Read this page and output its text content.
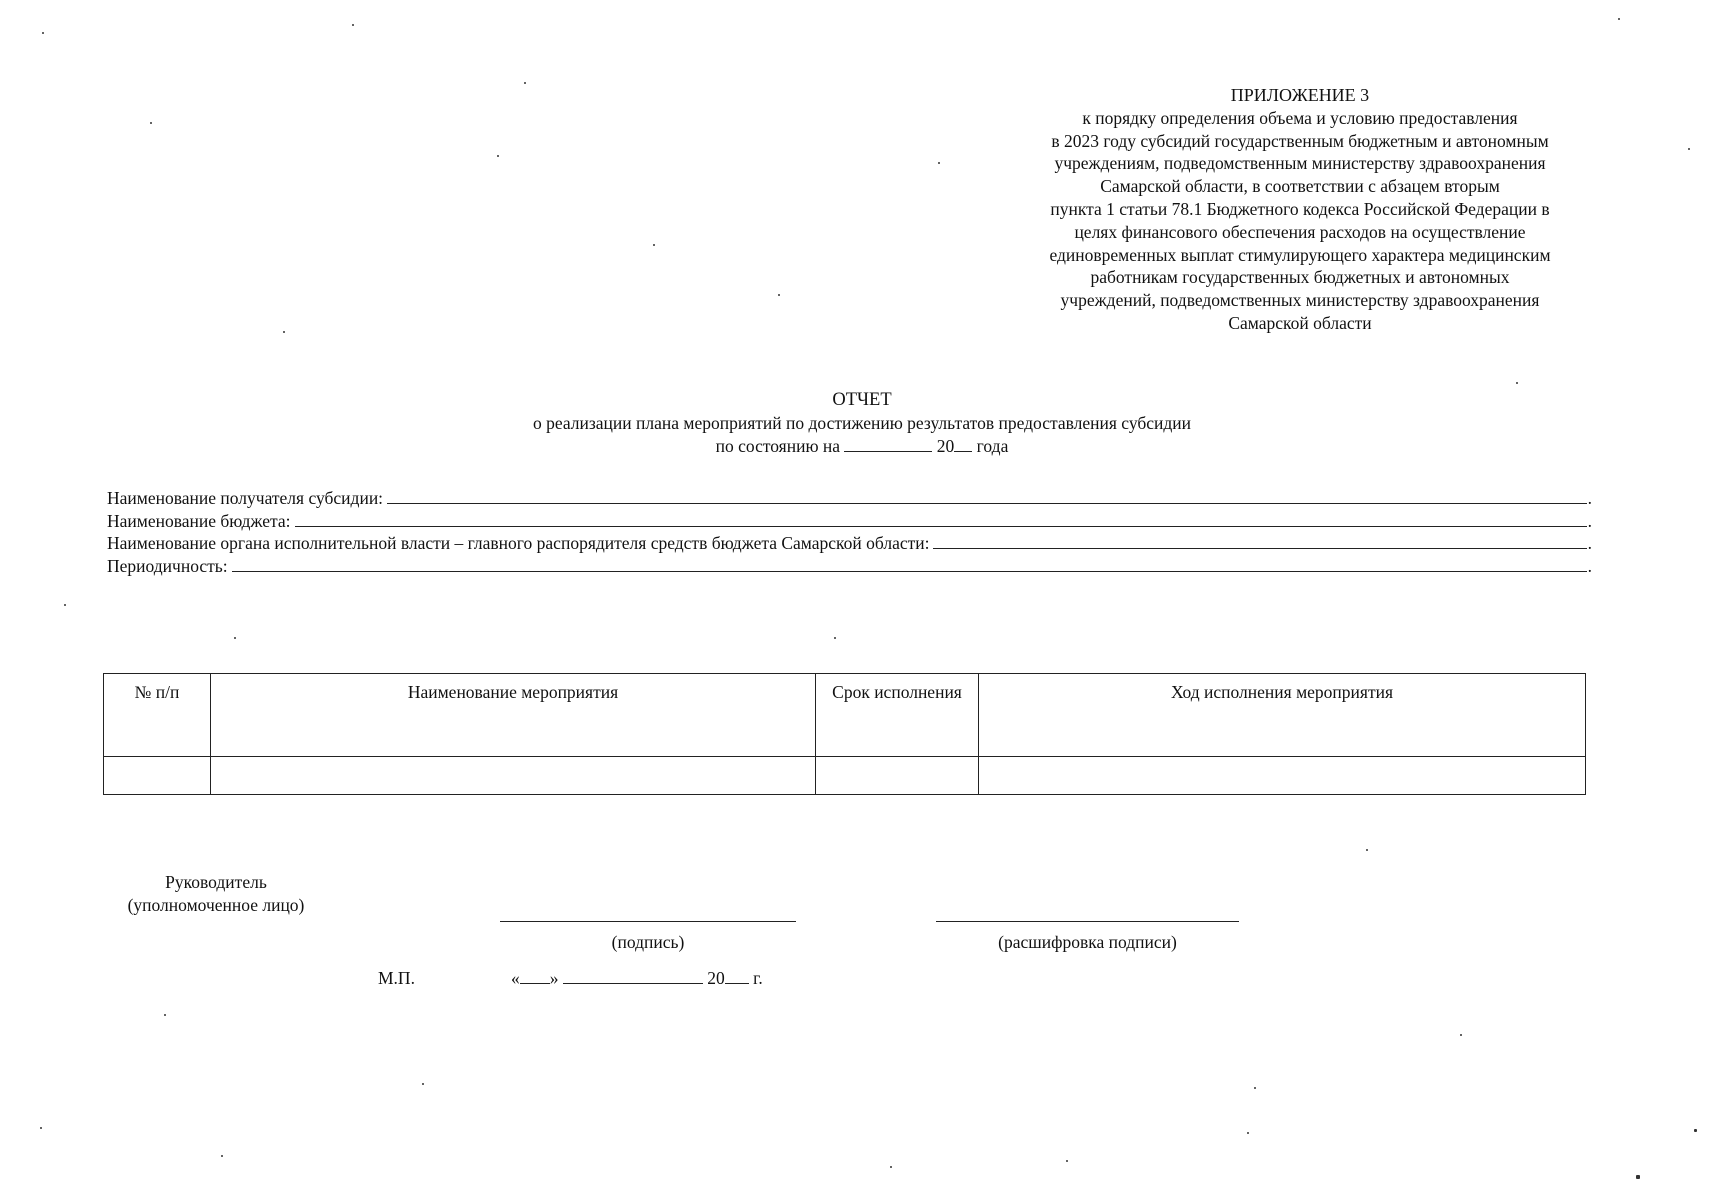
ПРИЛОЖЕНИЕ 3
к порядку определения объема и условию предоставления
в 2023 году субсидий государственным бюджетным и автономным
учреждениям, подведомственным министерству здравоохранения
Самарской области, в соответствии с абзацем вторым
пункта 1 статьи 78.1 Бюджетного кодекса Российской Федерации в
целях финансового обеспечения расходов на осуществление
единовременных выплат стимулирующего характера медицинским
работникам государственных бюджетных и автономных
учреждений, подведомственных министерству здравоохранения
Самарской области
ОТЧЕТ
о реализации плана мероприятий по достижению результатов предоставления субсидии
по состоянию на	20 года
Наименование получателя субсидии:	.
Наименование бюджета:	.
Наименование органа исполнительной власти – главного распорядителя средств бюджета Самарской области:	.
Периодичность:	.
№ п/п	Наименование мероприятия	Срок исполнения	Ход исполнения мероприятия

Руководитель
(уполномоченное лицо)
(подпись)	(расшифровка подписи)
М.П.	« »	20 г.
